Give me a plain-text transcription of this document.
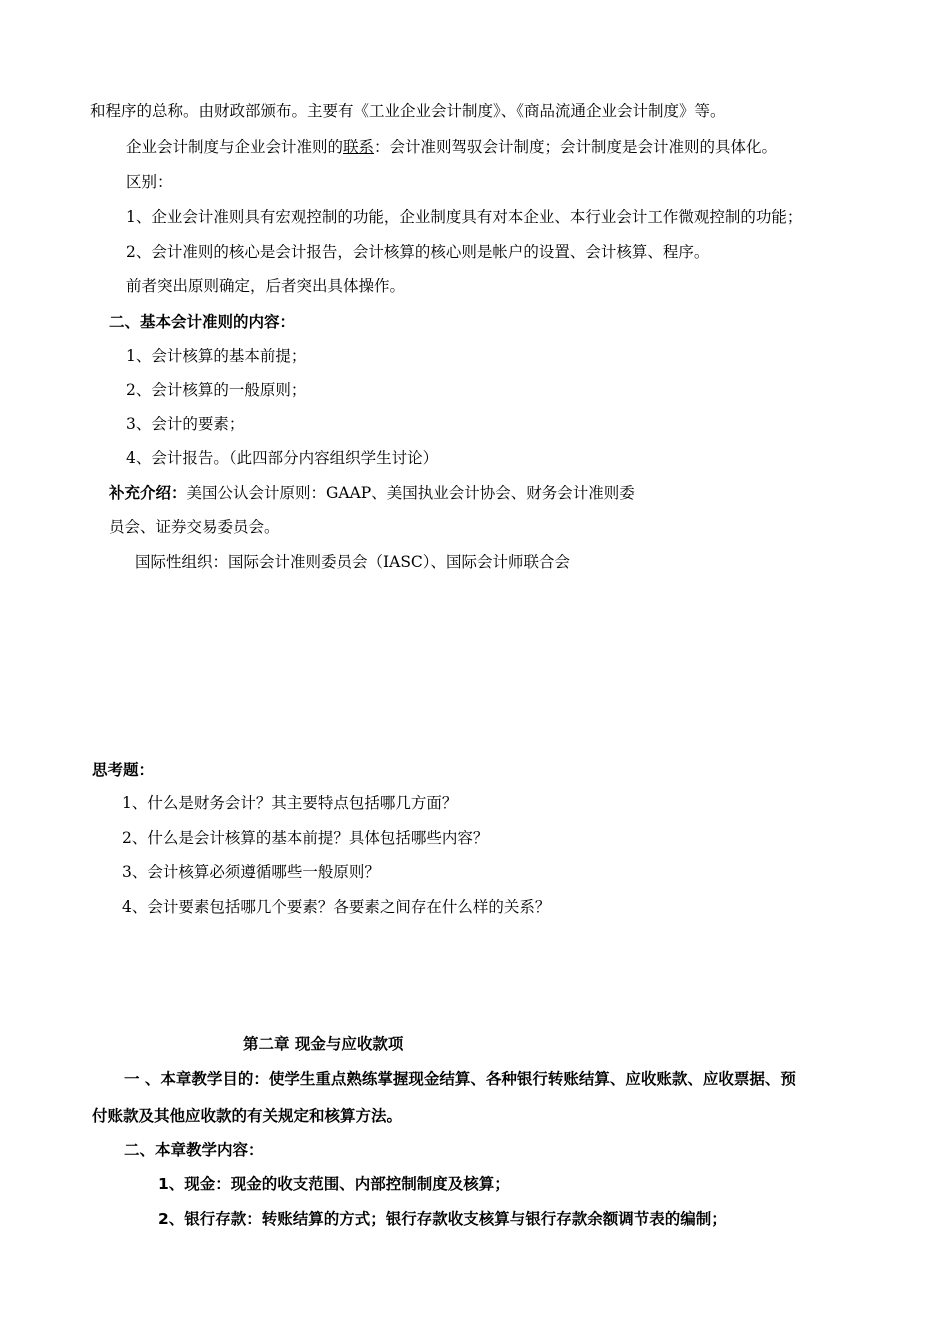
和程序的总称。由财政部颁布。主要有《工业企业会计制度》、《商品流通企业会计制度》等。
企业会计制度与企业会计准则的联系：会计准则驾驭会计制度；会计制度是会计准则的具体化。
区别：
1、企业会计准则具有宏观控制的功能，企业制度具有对本企业、本行业会计工作微观控制的功能；
2、会计准则的核心是会计报告，会计核算的核心则是帐户的设置、会计核算、程序。
前者突出原则确定，后者突出具体操作。
二、基本会计准则的内容：
1、会计核算的基本前提；
2、会计核算的一般原则；
3、会计的要素；
4、会计报告。（此四部分内容组织学生讨论）
补充介绍：美国公认会计原则：GAAP、美国执业会计协会、财务会计准则委
员会、证券交易委员会。
国际性组织：国际会计准则委员会（IASC）、国际会计师联合会
思考题：
1、什么是财务会计？其主要特点包括哪几方面？
2、什么是会计核算的基本前提？具体包括哪些内容？
3、会计核算必须遵循哪些一般原则？
4、会计要素包括哪几个要素？各要素之间存在什么样的关系？
第二章 现金与应收款项
一 、本章教学目的：使学生重点熟练掌握现金结算、各种银行转账结算、应收账款、应收票据、预
付账款及其他应收款的有关规定和核算方法。
二、本章教学内容：
1、现金：现金的收支范围、内部控制制度及核算；
2、银行存款：转账结算的方式；银行存款收支核算与银行存款余额调节表的编制；
